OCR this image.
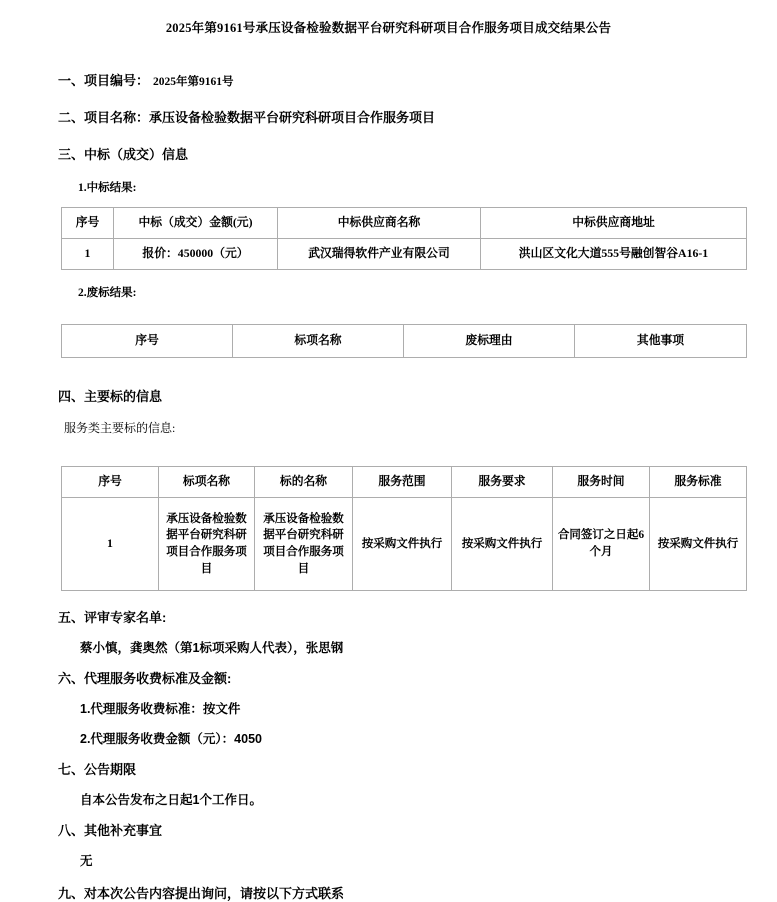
2025年第9161号承压设备检验数据平台研究科研项目合作服务项目成交结果公告
一、项目编号： 2025年第9161号
二、项目名称：承压设备检验数据平台研究科研项目合作服务项目
三、中标（成交）信息
1.中标结果:
序号	中标（成交）金额(元)	中标供应商名称	中标供应商地址
1	报价：450000（元）	武汉瑞得软件产业有限公司	洪山区文化大道555号融创智谷A16-1
2.废标结果:
序号	标项名称	废标理由	其他事项
四、主要标的信息
服务类主要标的信息:
序号	标项名称	标的名称	服务范围	服务要求	服务时间	服务标准
1	承压设备检验数据平台研究科研项目合作服务项目	承压设备检验数据平台研究科研项目合作服务项目	按采购文件执行	按采购文件执行	合同签订之日起6个月	按采购文件执行
五、评审专家名单:
蔡小慎，龚奥然（第1标项采购人代表），张思钢
六、代理服务收费标准及金额:
1.代理服务收费标准：按文件
2.代理服务收费金额（元）：4050
七、公告期限
自本公告发布之日起1个工作日。
八、其他补充事宜
无
九、对本次公告内容提出询问，请按以下方式联系
